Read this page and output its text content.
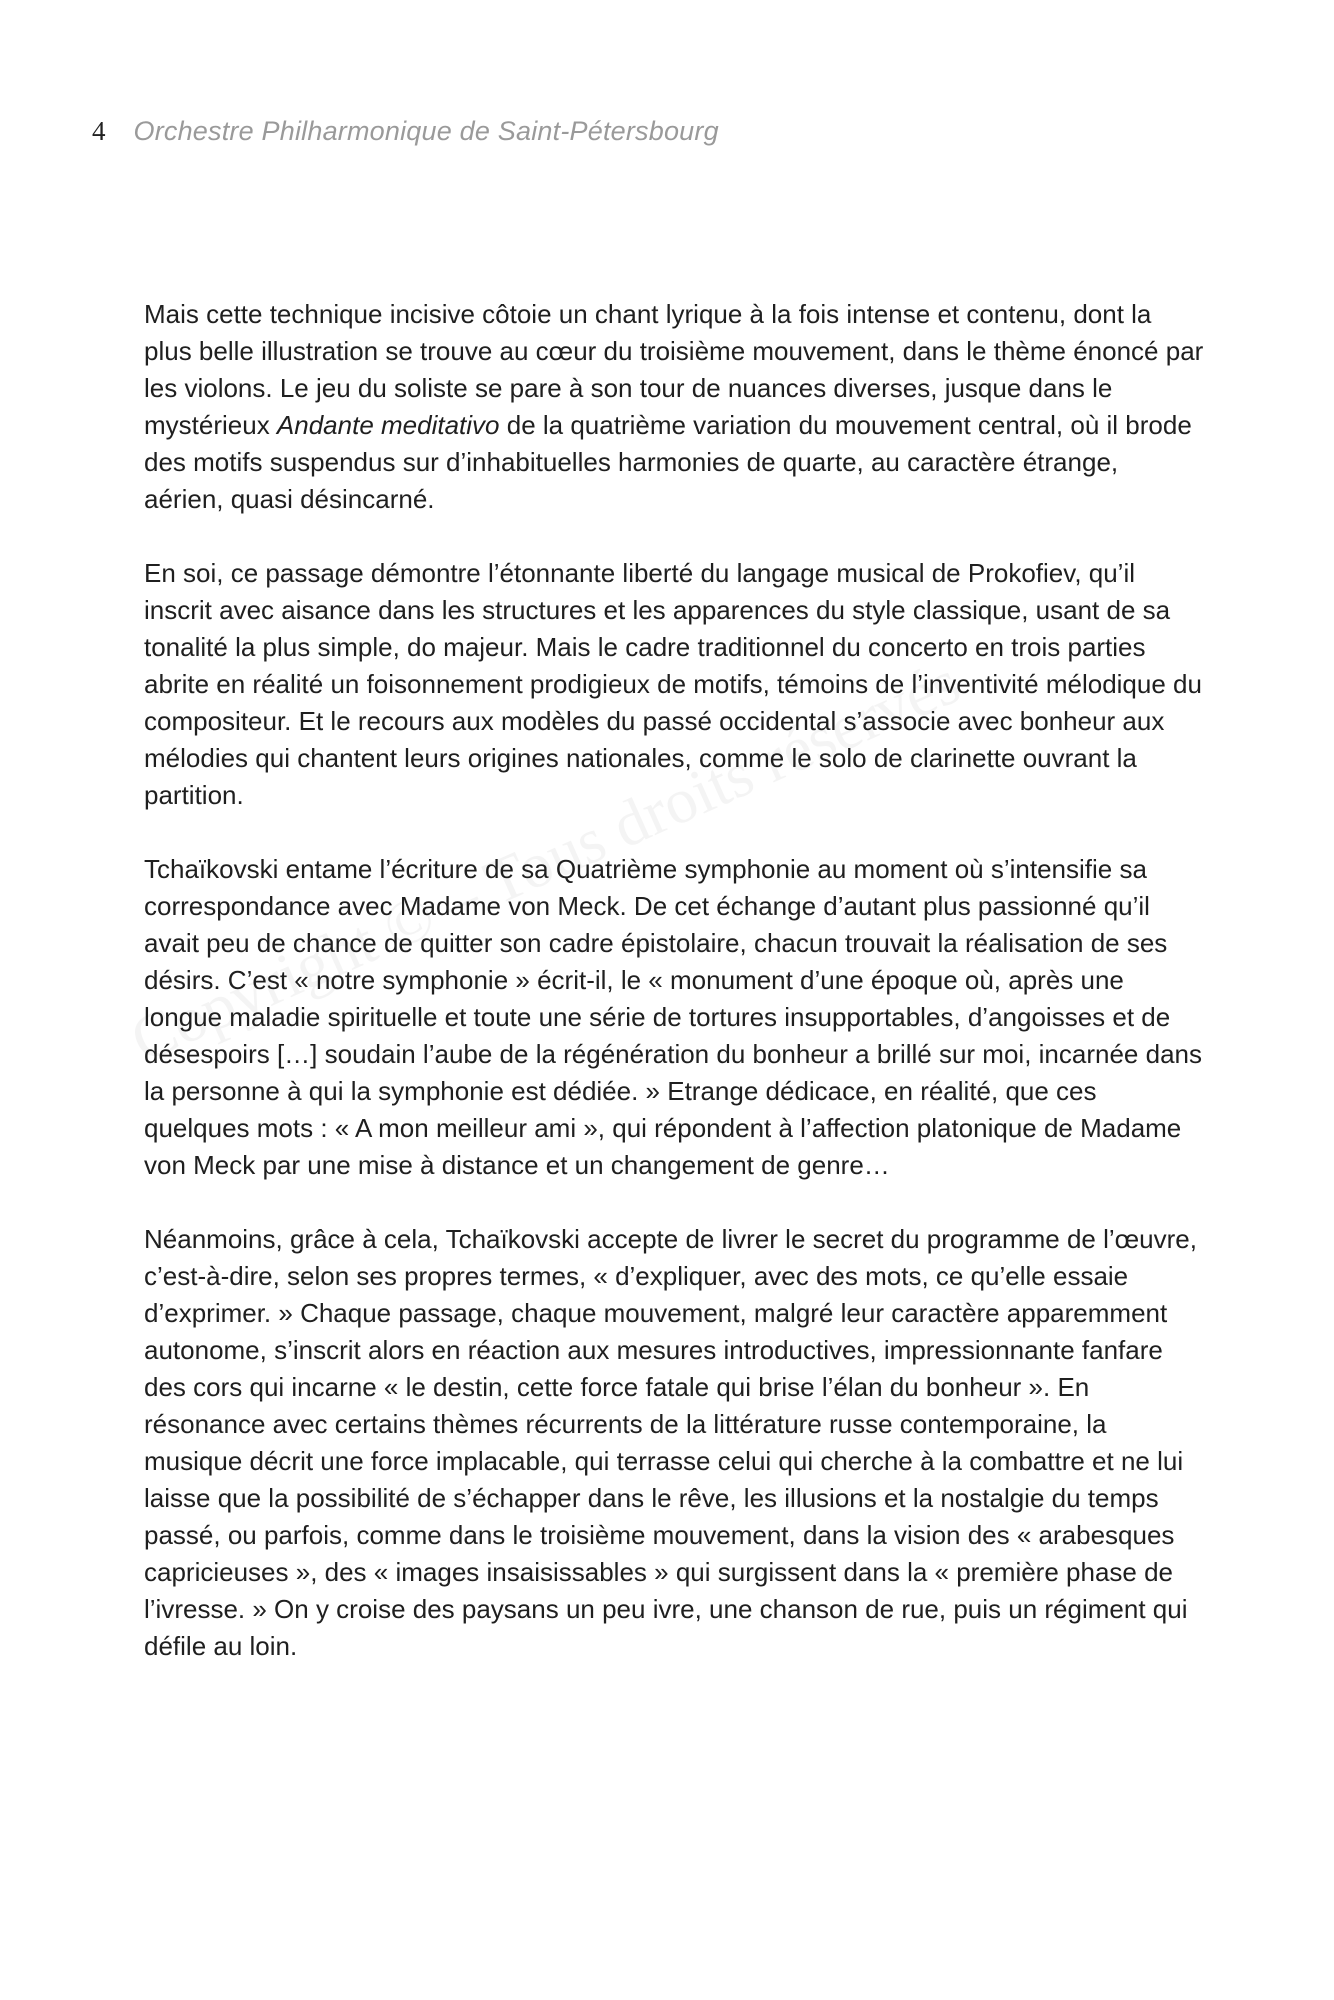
4 Orchestre Philharmonique de Saint-Pétersbourg

Mais cette technique incisive côtoie un chant lyrique à la fois intense et contenu, dont la plus belle illustration se trouve au cœur du troisième mouvement, dans le thème énoncé par les violons. Le jeu du soliste se pare à son tour de nuances diverses, jusque dans le mystérieux Andante meditativo de la quatrième variation du mouvement central, où il brode des motifs suspendus sur d’inhabituelles harmonies de quarte, au caractère étrange, aérien, quasi désincarné.

En soi, ce passage démontre l’étonnante liberté du langage musical de Prokofiev, qu’il inscrit avec aisance dans les structures et les apparences du style classique, usant de sa tonalité la plus simple, do majeur. Mais le cadre traditionnel du concerto en trois parties abrite en réalité un foisonnement prodigieux de motifs, témoins de l’inventivité mélodique du compositeur. Et le recours aux modèles du passé occidental s’associe avec bonheur aux mélodies qui chantent leurs origines nationales, comme le solo de clarinette ouvrant la partition.

Tchaïkovski entame l’écriture de sa Quatrième symphonie au moment où s’intensifie sa correspondance avec Madame von Meck. De cet échange d’autant plus passionné qu’il avait peu de chance de quitter son cadre épistolaire, chacun trouvait la réalisation de ses désirs. C’est « notre symphonie » écrit-il, le « monument d’une époque où, après une longue maladie spirituelle et toute une série de tortures insupportables, d’angoisses et de désespoirs […] soudain l’aube de la régénération du bonheur a brillé sur moi, incarnée dans la personne à qui la symphonie est dédiée. » Etrange dédicace, en réalité, que ces quelques mots : « A mon meilleur ami », qui répondent à l’affection platonique de Madame von Meck par une mise à distance et un changement de genre…

Néanmoins, grâce à cela, Tchaïkovski accepte de livrer le secret du programme de l’œuvre, c’est-à-dire, selon ses propres termes, « d’expliquer, avec des mots, ce qu’elle essaie d’exprimer. » Chaque passage, chaque mouvement, malgré leur caractère apparemment autonome, s’inscrit alors en réaction aux mesures introductives, impressionnante fanfare des cors qui incarne « le destin, cette force fatale qui brise l’élan du bonheur ». En résonance avec certains thèmes récurrents de la littérature russe contemporaine, la musique décrit une force implacable, qui terrasse celui qui cherche à la combattre et ne lui laisse que la possibilité de s’échapper dans le rêve, les illusions et la nostalgie du temps passé, ou parfois, comme dans le troisième mouvement, dans la vision des « arabesques capricieuses », des « images insaisissables » qui surgissent dans la « première phase de l’ivresse. » On y croise des paysans un peu ivre, une chanson de rue, puis un régiment qui défile au loin.
